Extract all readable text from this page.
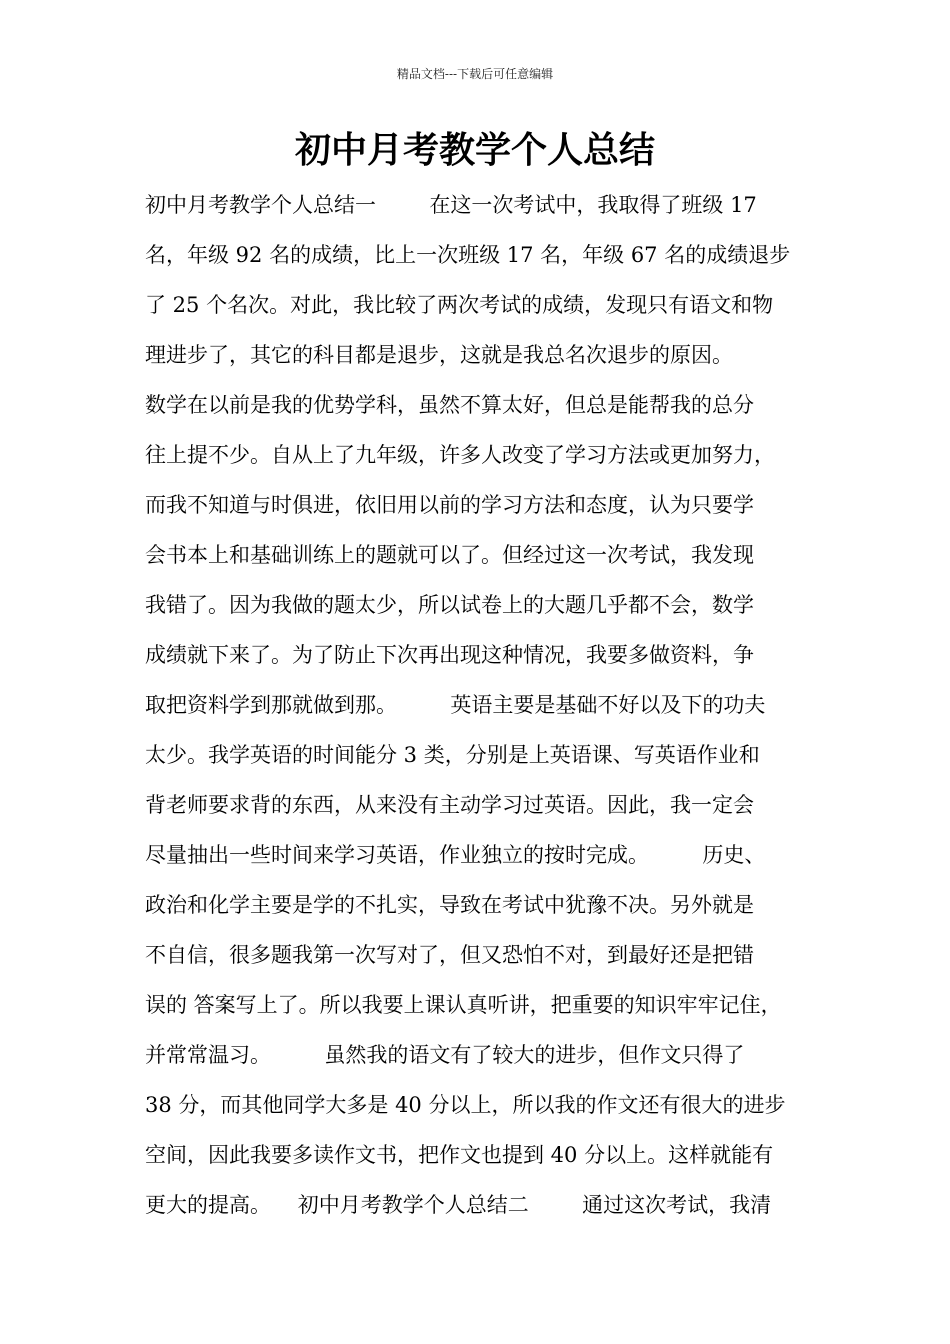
精品文档---下载后可任意编辑
初中月考教学个人总结
初中月考教学个人总结一        在这一次考试中，我取得了班级 17
名，年级 92 名的成绩，比上一次班级 17 名，年级 67 名的成绩退步
了 25 个名次。对此，我比较了两次考试的成绩，发现只有语文和物
理进步了，其它的科目都是退步，这就是我总名次退步的原因。
数学在以前是我的优势学科，虽然不算太好，但总是能帮我的总分
往上提不少。自从上了九年级，许多人改变了学习方法或更加努力，
而我不知道与时俱进，依旧用以前的学习方法和态度，认为只要学
会书本上和基础训练上的题就可以了。但经过这一次考试，我发现
我错了。因为我做的题太少，所以试卷上的大题几乎都不会，数学
成绩就下来了。为了防止下次再出现这种情况，我要多做资料，争
取把资料学到那就做到那。        英语主要是基础不好以及下的功夫
太少。我学英语的时间能分 3 类，分别是上英语课、写英语作业和
背老师要求背的东西，从来没有主动学习过英语。因此，我一定会
尽量抽出一些时间来学习英语，作业独立的按时完成。        历史、
政治和化学主要是学的不扎实，导致在考试中犹豫不决。另外就是
不自信，很多题我第一次写对了，但又恐怕不对，到最好还是把错
误的 答案写上了。所以我要上课认真听讲，把重要的知识牢牢记住，
并常常温习。        虽然我的语文有了较大的进步，但作文只得了
38 分，而其他同学大多是 40 分以上，所以我的作文还有很大的进步
空间，因此我要多读作文书，把作文也提到 40 分以上。这样就能有
更大的提高。    初中月考教学个人总结二        通过这次考试，我清
